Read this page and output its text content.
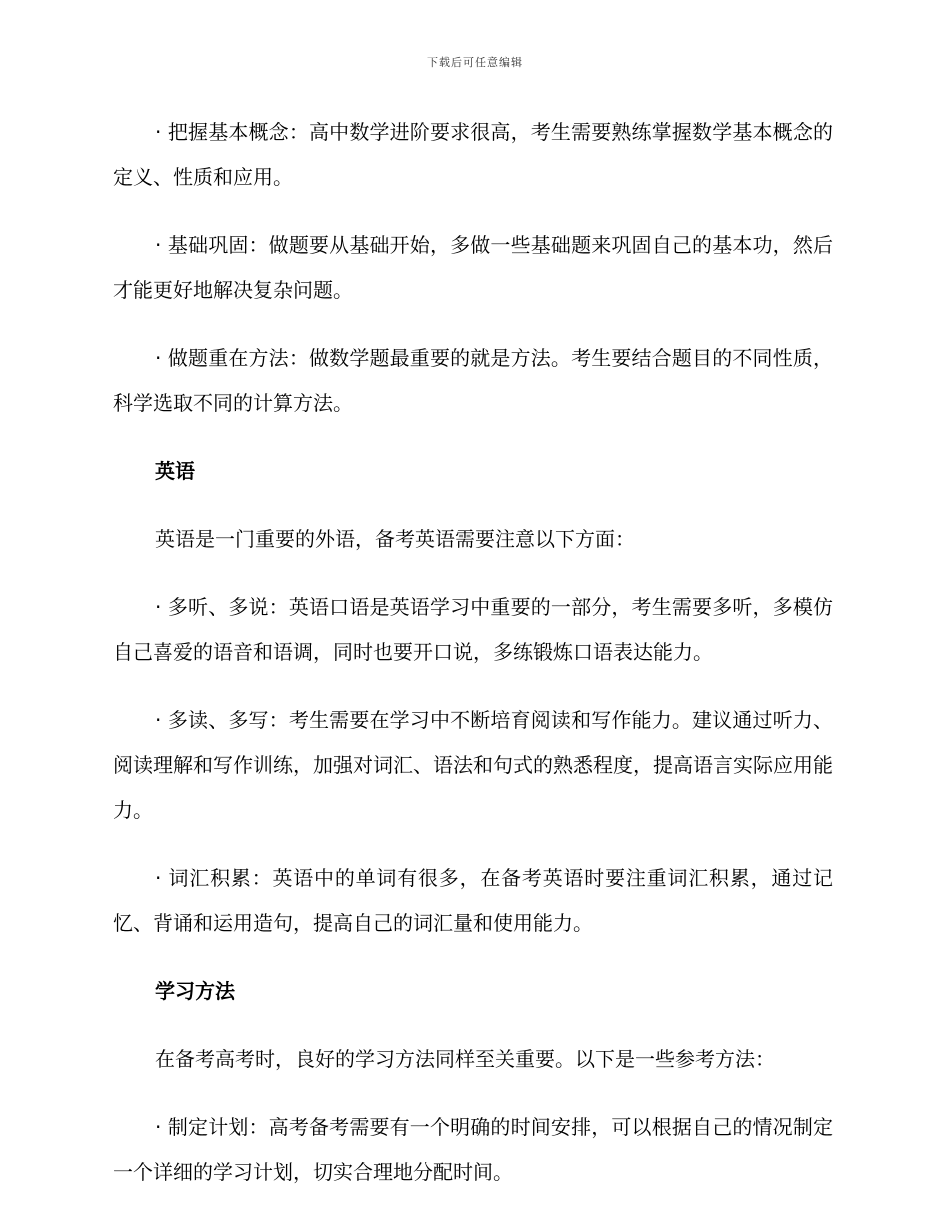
下载后可任意编辑

· 把握基本概念：高中数学进阶要求很高，考生需要熟练掌握数学基本概念的定义、性质和应用。

· 基础巩固：做题要从基础开始，多做一些基础题来巩固自己的基本功，然后才能更好地解决复杂问题。

· 做题重在方法：做数学题最重要的就是方法。考生要结合题目的不同性质，科学选取不同的计算方法。

英语

英语是一门重要的外语，备考英语需要注意以下方面：

· 多听、多说：英语口语是英语学习中重要的一部分，考生需要多听，多模仿自己喜爱的语音和语调，同时也要开口说，多练锻炼口语表达能力。

· 多读、多写：考生需要在学习中不断培育阅读和写作能力。建议通过听力、阅读理解和写作训练，加强对词汇、语法和句式的熟悉程度，提高语言实际应用能力。

· 词汇积累：英语中的单词有很多，在备考英语时要注重词汇积累，通过记忆、背诵和运用造句，提高自己的词汇量和使用能力。

学习方法

在备考高考时，良好的学习方法同样至关重要。以下是一些参考方法：

· 制定计划：高考备考需要有一个明确的时间安排，可以根据自己的情况制定一个详细的学习计划，切实合理地分配时间。
